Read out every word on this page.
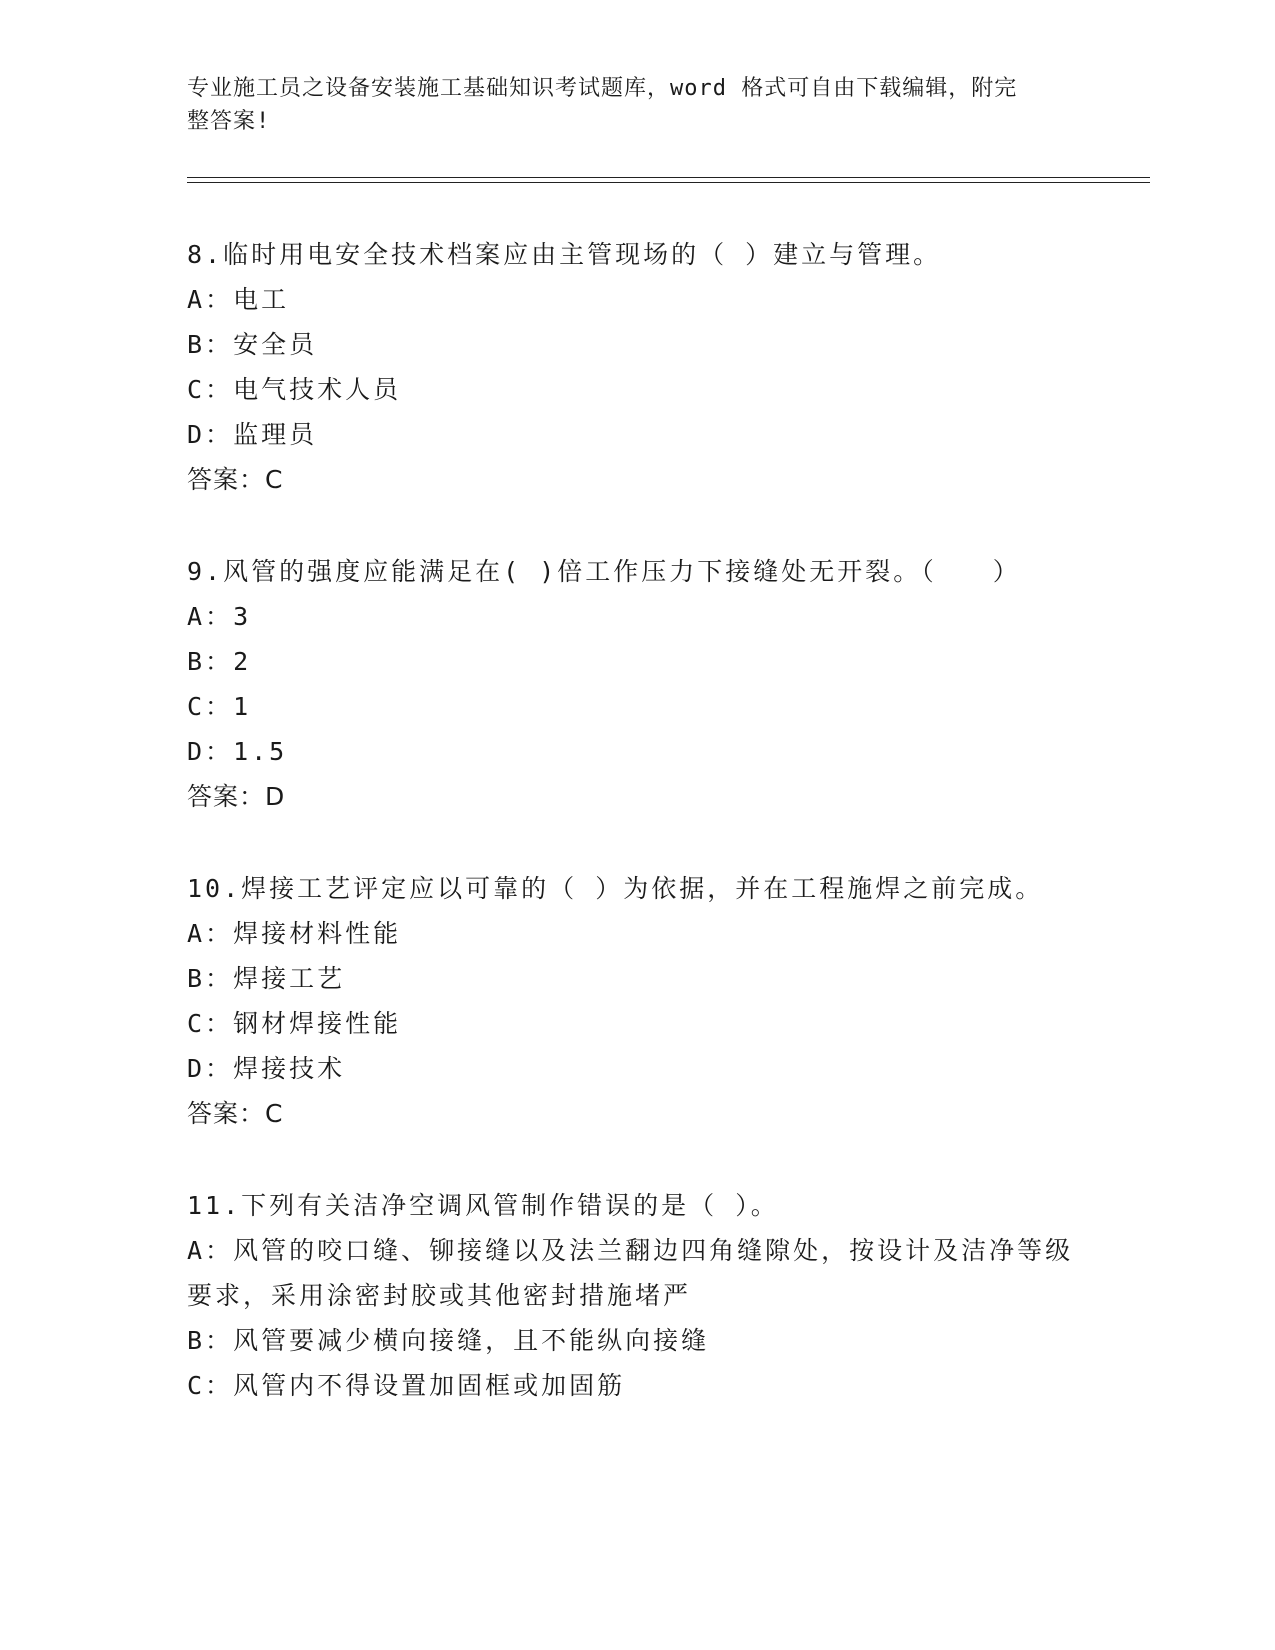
专业施工员之设备安装施工基础知识考试题库，word 格式可自由下载编辑，附完
整答案!
8.临时用电安全技术档案应由主管现场的（ ）建立与管理。
A：电工
B：安全员
C：电气技术人员
D：监理员
答案：C
9.风管的强度应能满足在( )倍工作压力下接缝处无开裂。（　　）
A：3
B：2
C：1
D：1.5
答案：D
10.焊接工艺评定应以可靠的（ ）为依据，并在工程施焊之前完成。
A：焊接材料性能
B：焊接工艺
C：钢材焊接性能
D：焊接技术
答案：C
11.下列有关洁净空调风管制作错误的是（ ）。
A：风管的咬口缝、铆接缝以及法兰翻边四角缝隙处，按设计及洁净等级要求，采用涂密封胶或其他密封措施堵严
B：风管要减少横向接缝，且不能纵向接缝
C：风管内不得设置加固框或加固筋
